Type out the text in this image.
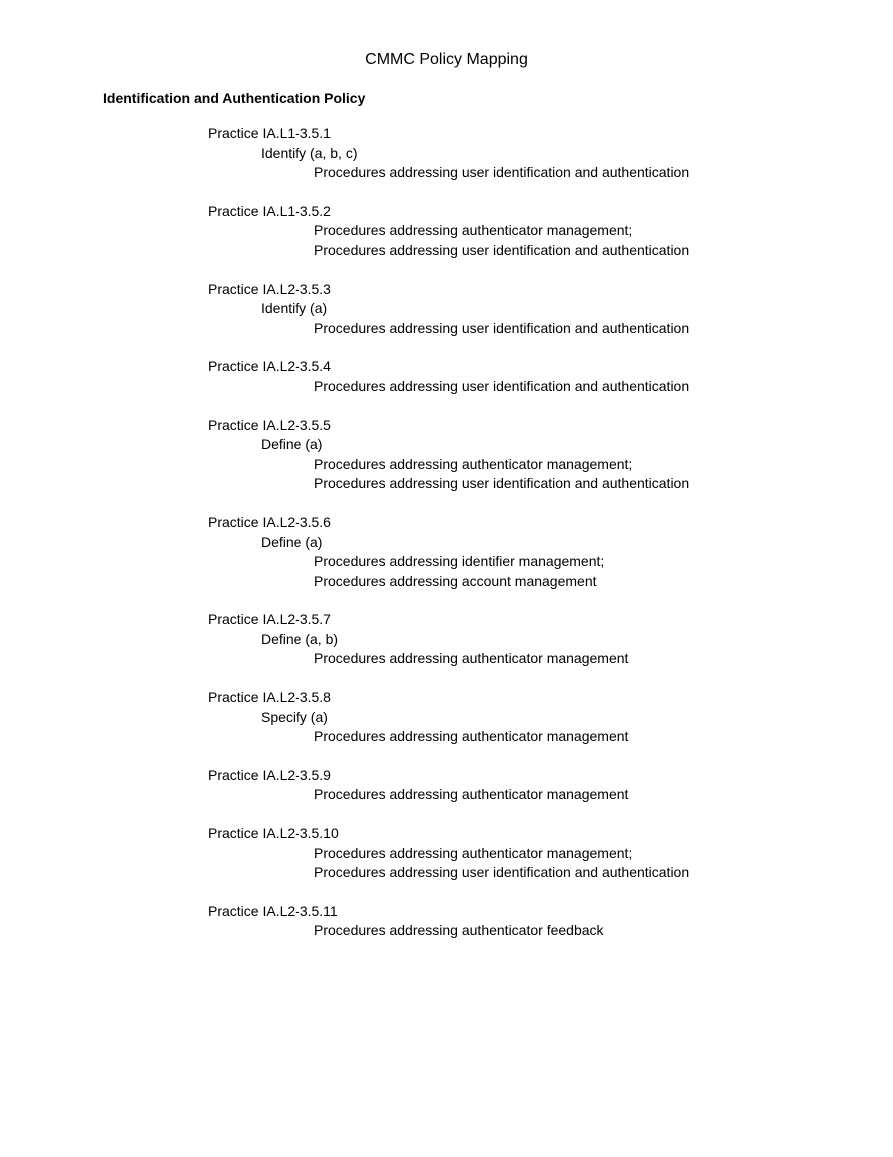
CMMC Policy Mapping
Identification and Authentication Policy
Practice IA.L1-3.5.1
Identify (a, b, c)
Procedures addressing user identification and authentication
Practice IA.L1-3.5.2
Procedures addressing authenticator management;
Procedures addressing user identification and authentication
Practice IA.L2-3.5.3
Identify (a)
Procedures addressing user identification and authentication
Practice IA.L2-3.5.4
Procedures addressing user identification and authentication
Practice IA.L2-3.5.5
Define (a)
Procedures addressing authenticator management;
Procedures addressing user identification and authentication
Practice IA.L2-3.5.6
Define (a)
Procedures addressing identifier management;
Procedures addressing account management
Practice IA.L2-3.5.7
Define (a, b)
Procedures addressing authenticator management
Practice IA.L2-3.5.8
Specify (a)
Procedures addressing authenticator management
Practice IA.L2-3.5.9
Procedures addressing authenticator management
Practice IA.L2-3.5.10
Procedures addressing authenticator management;
Procedures addressing user identification and authentication
Practice IA.L2-3.5.11
Procedures addressing authenticator feedback
